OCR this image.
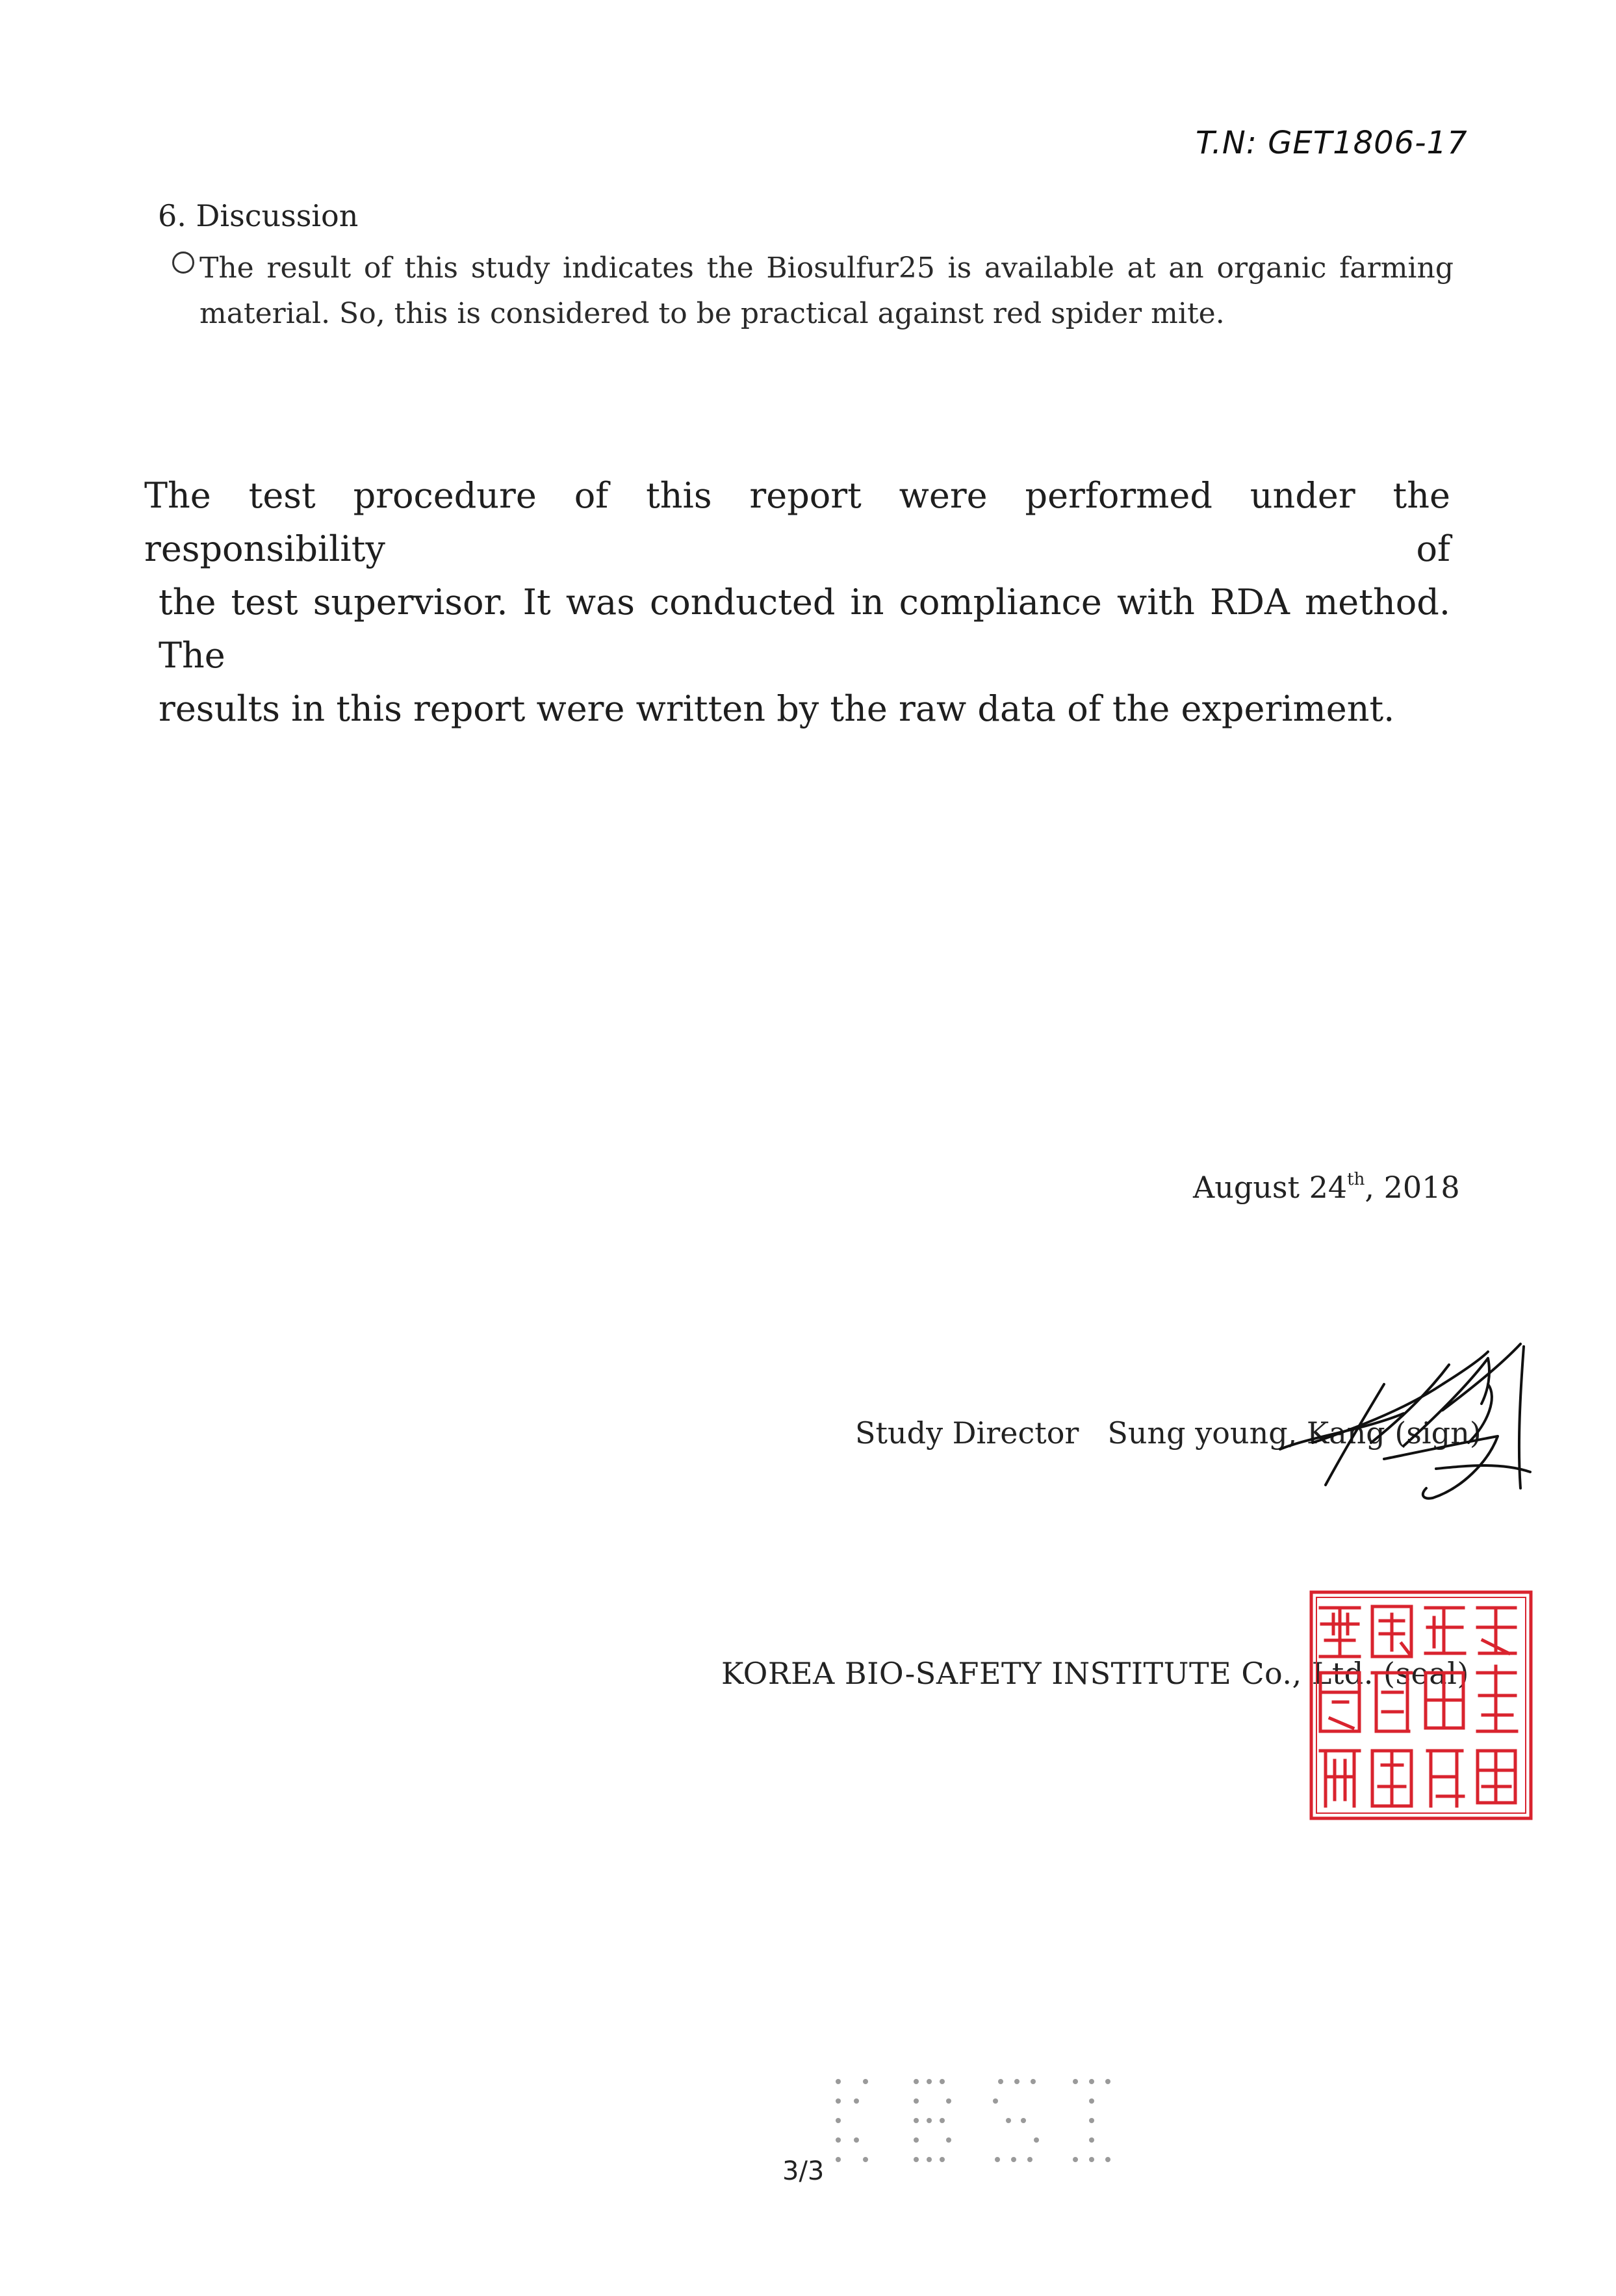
T.N: GET1806-17
6. Discussion
The result of this study indicates the Biosulfur25 is available at an organic farming
material. So, this is considered to be practical against red spider mite.
The test procedure of this report were performed under the responsibility of
the test supervisor. It was conducted in compliance with RDA method. The
results in this report were written by the raw data of the experiment.
August 24th, 2018
Study Director Sung young, Kang (sign)
KOREA BIO-SAFETY INSTITUTE Co., Ltd. (seal)
韓國生物安全性研究所長
KBSI
3/3
